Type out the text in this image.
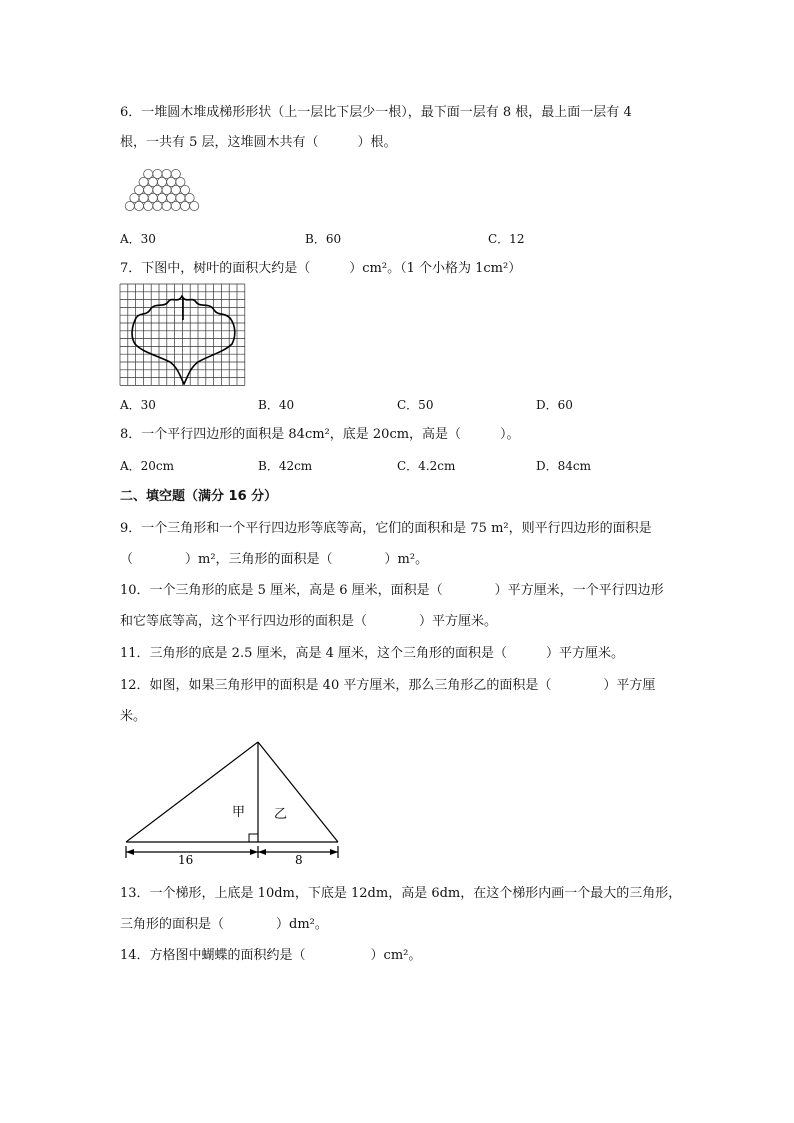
6．一堆圆木堆成梯形形状（上一层比下层少一根），最下面一层有 8 根，最上面一层有 4
根，一共有 5 层，这堆圆木共有（　　　）根。
A．30	B．60	C．12
7．下图中，树叶的面积大约是（　　　）cm²。（1 个小格为 1cm²）
A．30	B．40	C．50	D．60
8．一个平行四边形的面积是 84cm²，底是 20cm，高是（　　　）。
A．20cm	B．42cm	C．4.2cm	D．84cm
二、填空题（满分 16 分）
9．一个三角形和一个平行四边形等底等高，它们的面积和是 75 m²，则平行四边形的面积是
（　　　　）m²，三角形的面积是（　　　　）m²。
10．一个三角形的底是 5 厘米，高是 6 厘米，面积是（　　　　）平方厘米，一个平行四边形
和它等底等高，这个平行四边形的面积是（　　　　）平方厘米。
11．三角形的底是 2.5 厘米，高是 4 厘米，这个三角形的面积是（　　　）平方厘米。
12．如图，如果三角形甲的面积是 40 平方厘米，那么三角形乙的面积是（　　　　）平方厘
米。
甲 乙
16	8
13．一个梯形，上底是 10dm，下底是 12dm，高是 6dm，在这个梯形内画一个最大的三角形，
三角形的面积是（　　　　）dm²。
14．方格图中蝴蝶的面积约是（　　　　　）cm²。
